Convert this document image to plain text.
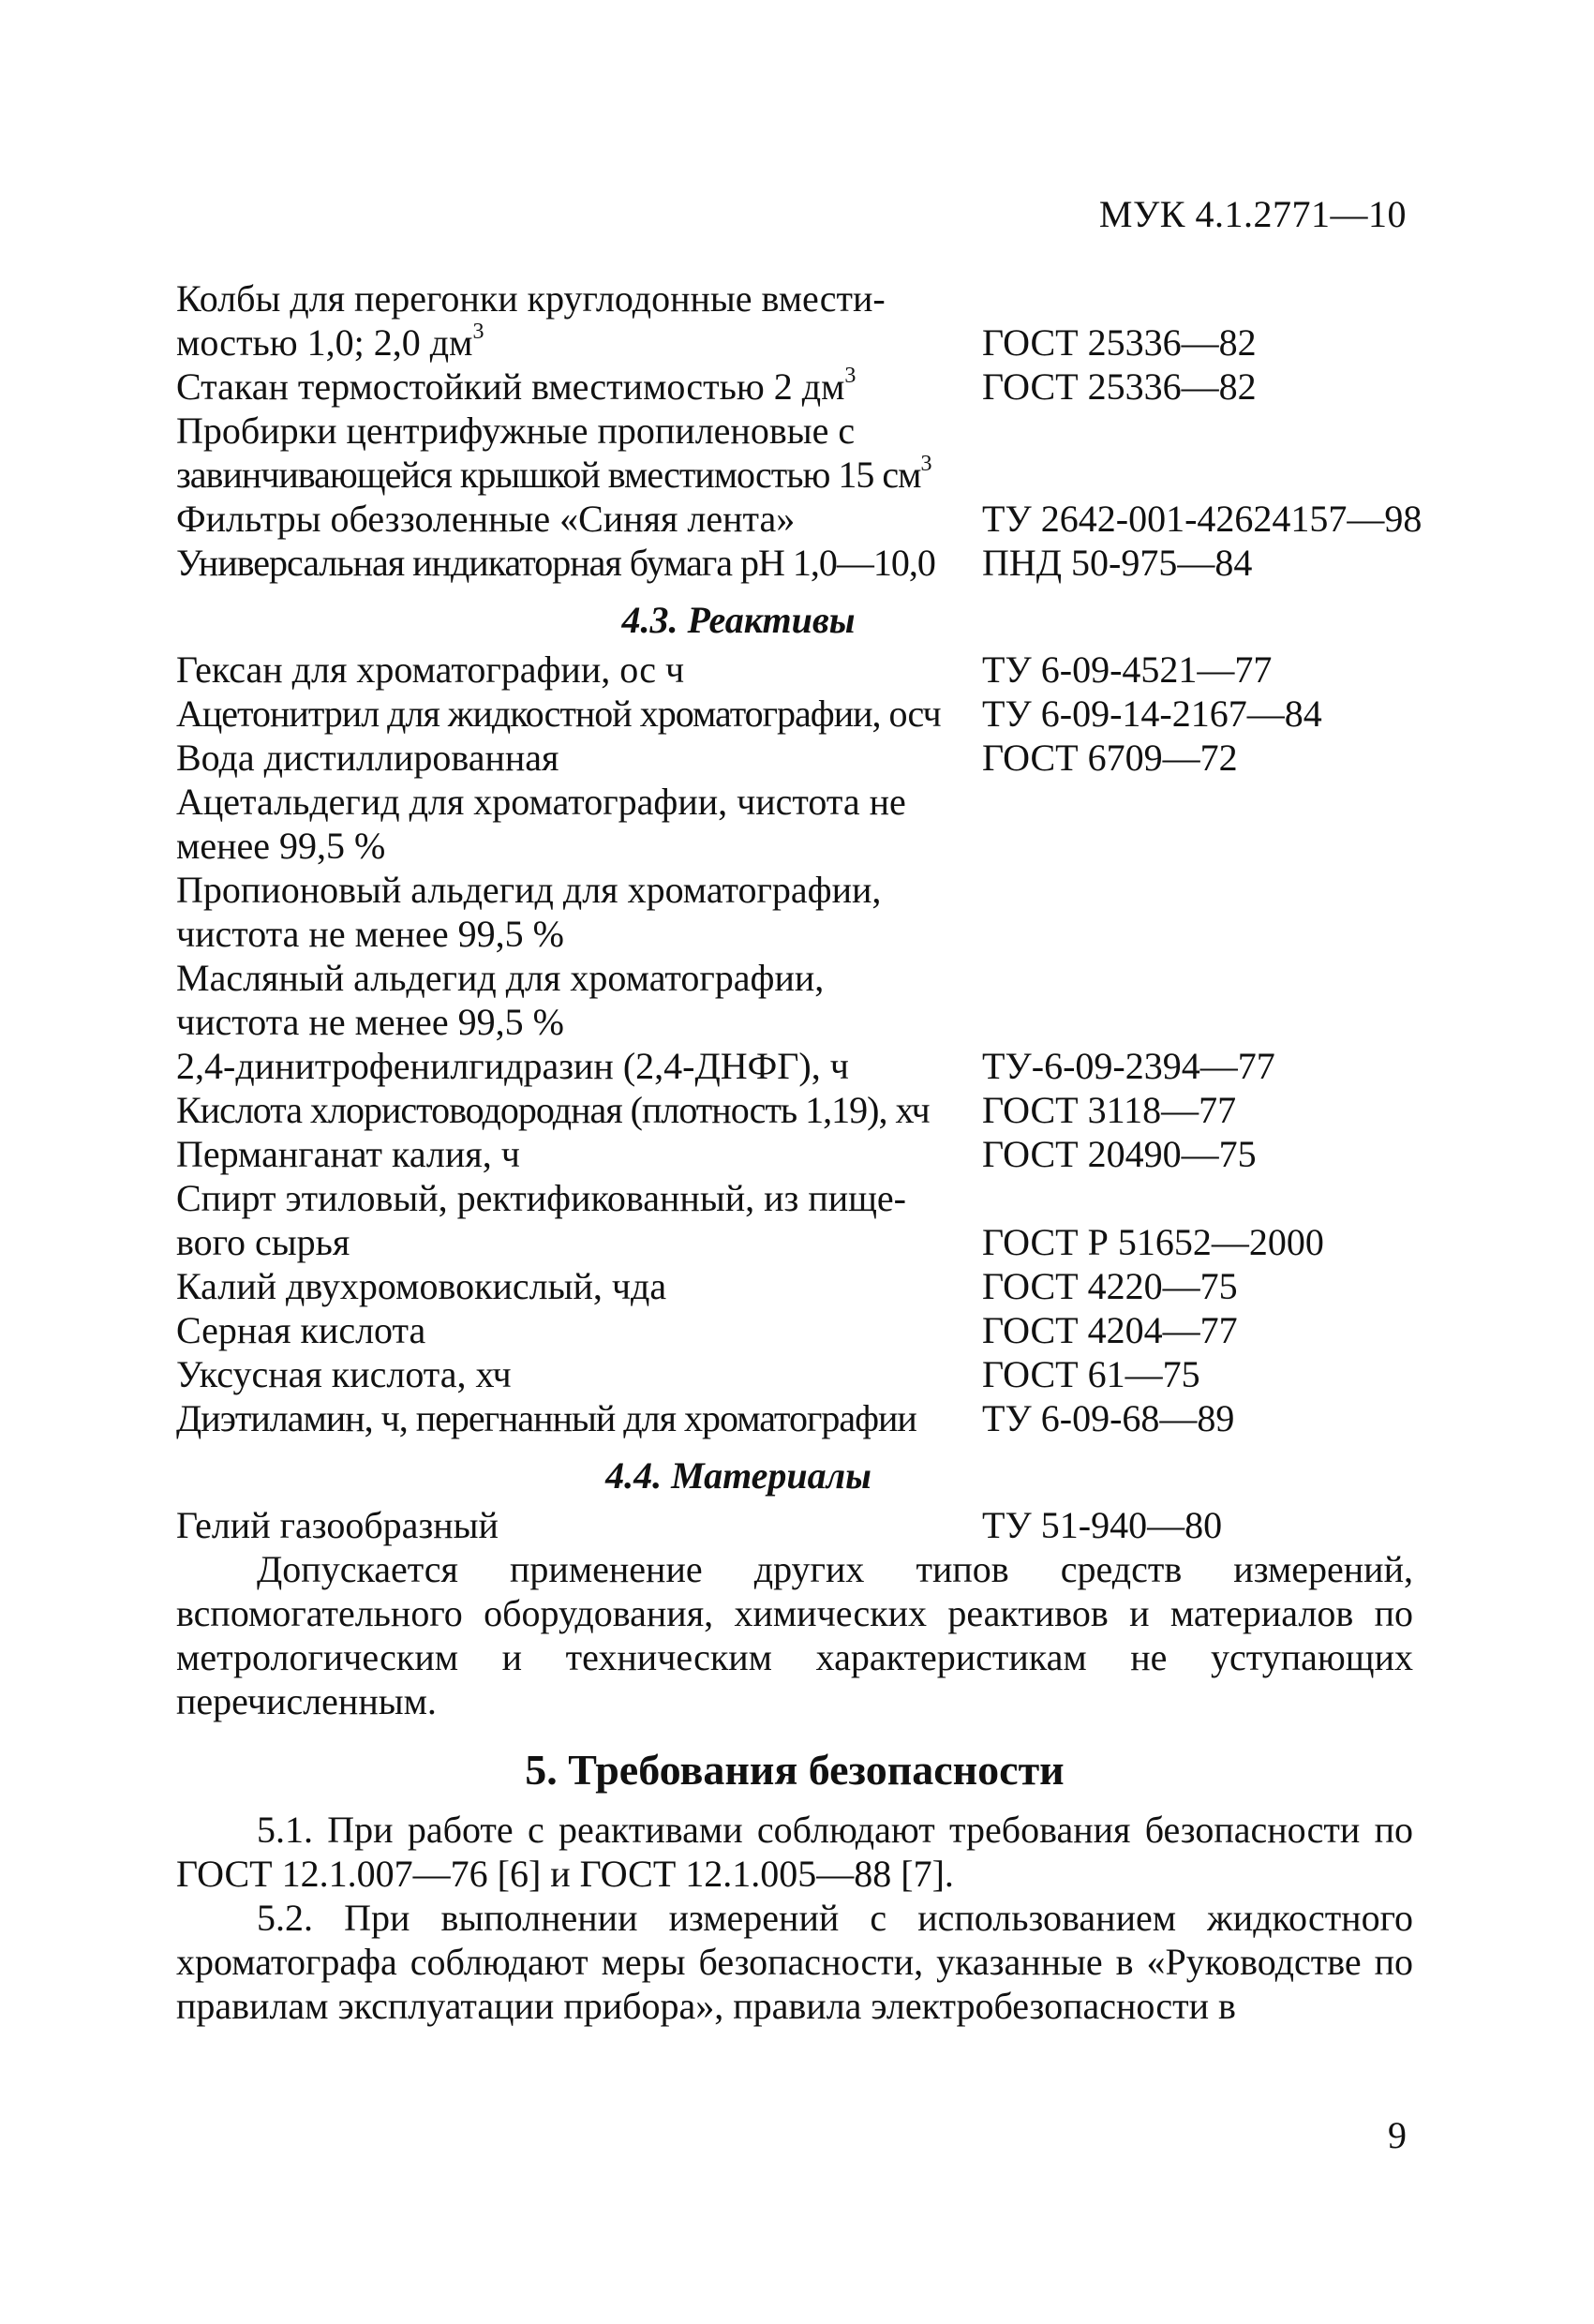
МУК 4.1.2771—10
Колбы для перегонки круглодонные вмести-
мостью 1,0; 2,0 $дм^3$	ГОСТ 25336—82
Стакан термостойкий вместимостью 2 $дм^3$	ГОСТ 25336—82
Пробирки центрифужные пропиленовые с
завинчивающейся крышкой вместимостью 15 $см^3$
Фильтры обеззоленные «Синяя лента»	ТУ 2642-001-42624157—98
Универсальная индикаторная бумага рН 1,0—10,0	ПНД 50-975—84
4.3. Реактивы
Гексан для хроматографии, ос ч	ТУ 6-09-4521—77
Ацетонитрил для жидкостной хроматографии, осч	ТУ 6-09-14-2167—84
Вода дистиллированная	ГОСТ 6709—72
Ацетальдегид для хроматографии, чистота не
менее 99,5 %
Пропионовый альдегид для хроматографии,
чистота не менее 99,5 %
Масляный альдегид для хроматографии,
чистота не менее 99,5 %
2,4-динитрофенилгидразин (2,4-ДНФГ), ч	ТУ-6-09-2394—77
Кислота хлористоводородная (плотность 1,19), хч	ГОСТ 3118—77
Перманганат калия, ч	ГОСТ 20490—75
Спирт этиловый, ректификованный, из пище-
вого сырья	ГОСТ Р 51652—2000
Калий двухромовокислый, чда	ГОСТ 4220—75
Серная кислота	ГОСТ 4204—77
Уксусная кислота, хч	ГОСТ 61—75
Диэтиламин, ч, перегнанный для хроматографии	ТУ 6-09-68—89
4.4. Материалы
Гелий газообразный	ТУ 51-940—80

Допускается применение других типов средств измерений, вспомогательного оборудования, химических реактивов и материалов по метрологическим и техническим характеристикам не уступающих перечисленным.

5. Требования безопасности

5.1. При работе с реактивами соблюдают требования безопасности по ГОСТ 12.1.007—76 [6] и ГОСТ 12.1.005—88 [7].

5.2. При выполнении измерений с использованием жидкостного хроматографа соблюдают меры безопасности, указанные в «Руководстве по правилам эксплуатации прибора», правила электробезопасности в

9
